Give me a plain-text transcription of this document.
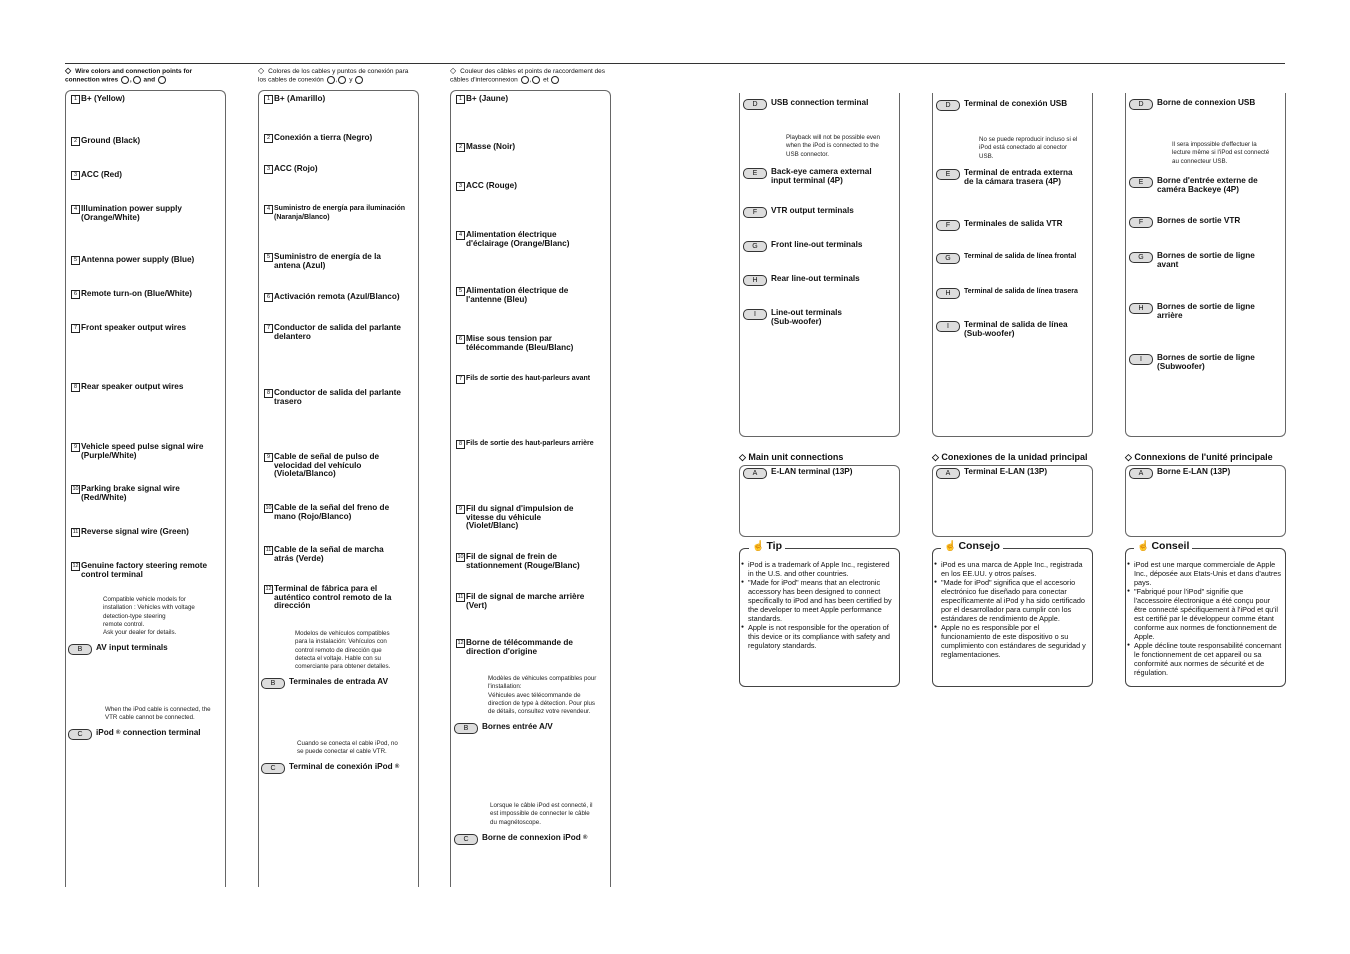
◇ Wire colors and connection points for connection wires , and
1 B+ (Yellow)
2 Ground (Black)
3 ACC (Red)
4 Illumination power supply
(Orange/White)
5 Antenna power supply (Blue)
6 Remote turn-on (Blue/White)
7 Front speaker output wires
8 Rear speaker output wires
9 Vehicle speed pulse signal wire
(Purple/White)
10 Parking brake signal wire
(Red/White)
11 Reverse signal wire (Green)
12 Genuine factory steering remote
control terminal
Compatible vehicle models for
installation : Vehicles with voltage
detection-type steering
remote control.
Ask your dealer for details.
B AV input terminals
When the iPod cable is connected, the
VTR cable cannot be connected.
C iPod ® connection terminal
◇ Colores de los cables y puntos de conexión para los cables de conexión , y
1 B+ (Amarillo)
2 Conexión a tierra (Negro)
3 ACC (Rojo)
4 Suministro de energía para iluminación
(Naranja/Blanco)
5 Suministro de energía de la
antena (Azul)
6 Activación remota (Azul/Blanco)
7 Conductor de salida del parlante
delantero
8 Conductor de salida del parlante
trasero
9 Cable de señal de pulso de
velocidad del vehículo
(Violeta/Blanco)
10 Cable de la señal del freno de
mano (Rojo/Blanco)
11 Cable de la señal de marcha
atrás (Verde)
12 Terminal de fábrica para el
auténtico control remoto de la
dirección
Modelos de vehículos compatibles
para la instalación: Vehículos con
control remoto de dirección que
detecta el voltaje. Hable con su
comerciante para obtener detalles.
B Terminales de entrada AV
Cuando se conecta el cable iPod, no
se puede conectar el cable VTR.
C Terminal de conexión iPod ®
◇ Couleur des câbles et points de raccordement des câbles d'interconnexion , et
1 B+ (Jaune)
2 Masse (Noir)
3 ACC (Rouge)
4 Alimentation électrique
d'éclairage (Orange/Blanc)
5 Alimentation électrique de
l'antenne (Bleu)
6 Mise sous tension par
télécommande (Bleu/Blanc)
7 Fils de sortie des haut-parleurs avant
8 Fils de sortie des haut-parleurs arrière
9 Fil du signal d'impulsion de
vitesse du véhicule
(Violet/Blanc)
10 Fil de signal de frein de
stationnement (Rouge/Blanc)
11 Fil de signal de marche arrière
(Vert)
12 Borne de télécommande de
direction d'origine
Modèles de véhicules compatibles pour
l'installation:
Véhicules avec télécommande de
direction de type à détection. Pour plus
de détails, consultez votre revendeur.
B Bornes entrée A/V
Lorsque le câble iPod est connecté, il
est impossible de connecter le câble
du magnétoscope.
C Borne de connexion iPod ®
D USB connection terminal
Playback will not be possible even
when the iPod is connected to the
USB connector.
E Back-eye camera external
input terminal (4P)
F VTR output terminals
G Front line-out terminals
H Rear line-out terminals
I Line-out terminals
(Sub-woofer)
◇ Main unit connections
A E-LAN terminal (13P)
☝ Tip
● iPod is a trademark of Apple Inc., registered in the U.S. and other countries.
● "Made for iPod" means that an electronic accessory has been designed to connect specifically to iPod and has been certified by the developer to meet Apple performance standards.
● Apple is not responsible for the operation of this device or its compliance with safety and regulatory standards.
D Terminal de conexión USB
No se puede reproducir incluso si el
iPod está conectado al conector
USB.
E Terminal de entrada externa
de la cámara trasera (4P)
F Terminales de salida VTR
G Terminal de salida de línea frontal
H Terminal de salida de línea trasera
I Terminal de salida de línea
(Sub-woofer)
◇ Conexiones de la unidad principal
A Terminal E-LAN (13P)
☝ Consejo
● iPod es una marca de Apple Inc., registrada en los EE.UU. y otros países.
● "Made for iPod" significa que el accesorio electrónico fue diseñado para conectar específicamente al iPod y ha sido certificado por el desarrollador para cumplir con los estándares de rendimiento de Apple.
● Apple no es responsible por el funcionamiento de este dispositivo o su cumplimiento con estándares de seguridad y reglamentaciones.
D Borne de connexion USB
Il sera impossible d'effectuer la
lecture même si l'iPod est connecté
au connecteur USB.
E Borne d'entrée externe de
caméra Backeye (4P)
F Bornes de sortie VTR
G Bornes de sortie de ligne
avant
H Bornes de sortie de ligne
arrière
I Bornes de sortie de ligne
(Subwoofer)
◇ Connexions de l'unité principale
A Borne E-LAN (13P)
☝ Conseil
● iPod est une marque commerciale de Apple Inc., déposée aux Etats-Unis et dans d'autres pays.
● "Fabriqué pour l'iPod" signifie que l'accessoire électronique a été conçu pour être connecté spécifiquement à l'iPod et qu'il est certifié par le développeur comme étant conforme aux normes de fonctionnement de Apple.
● Apple décline toute responsabilité concernant le fonctionnement de cet appareil ou sa conformité aux normes de sécurité et de régulation.
